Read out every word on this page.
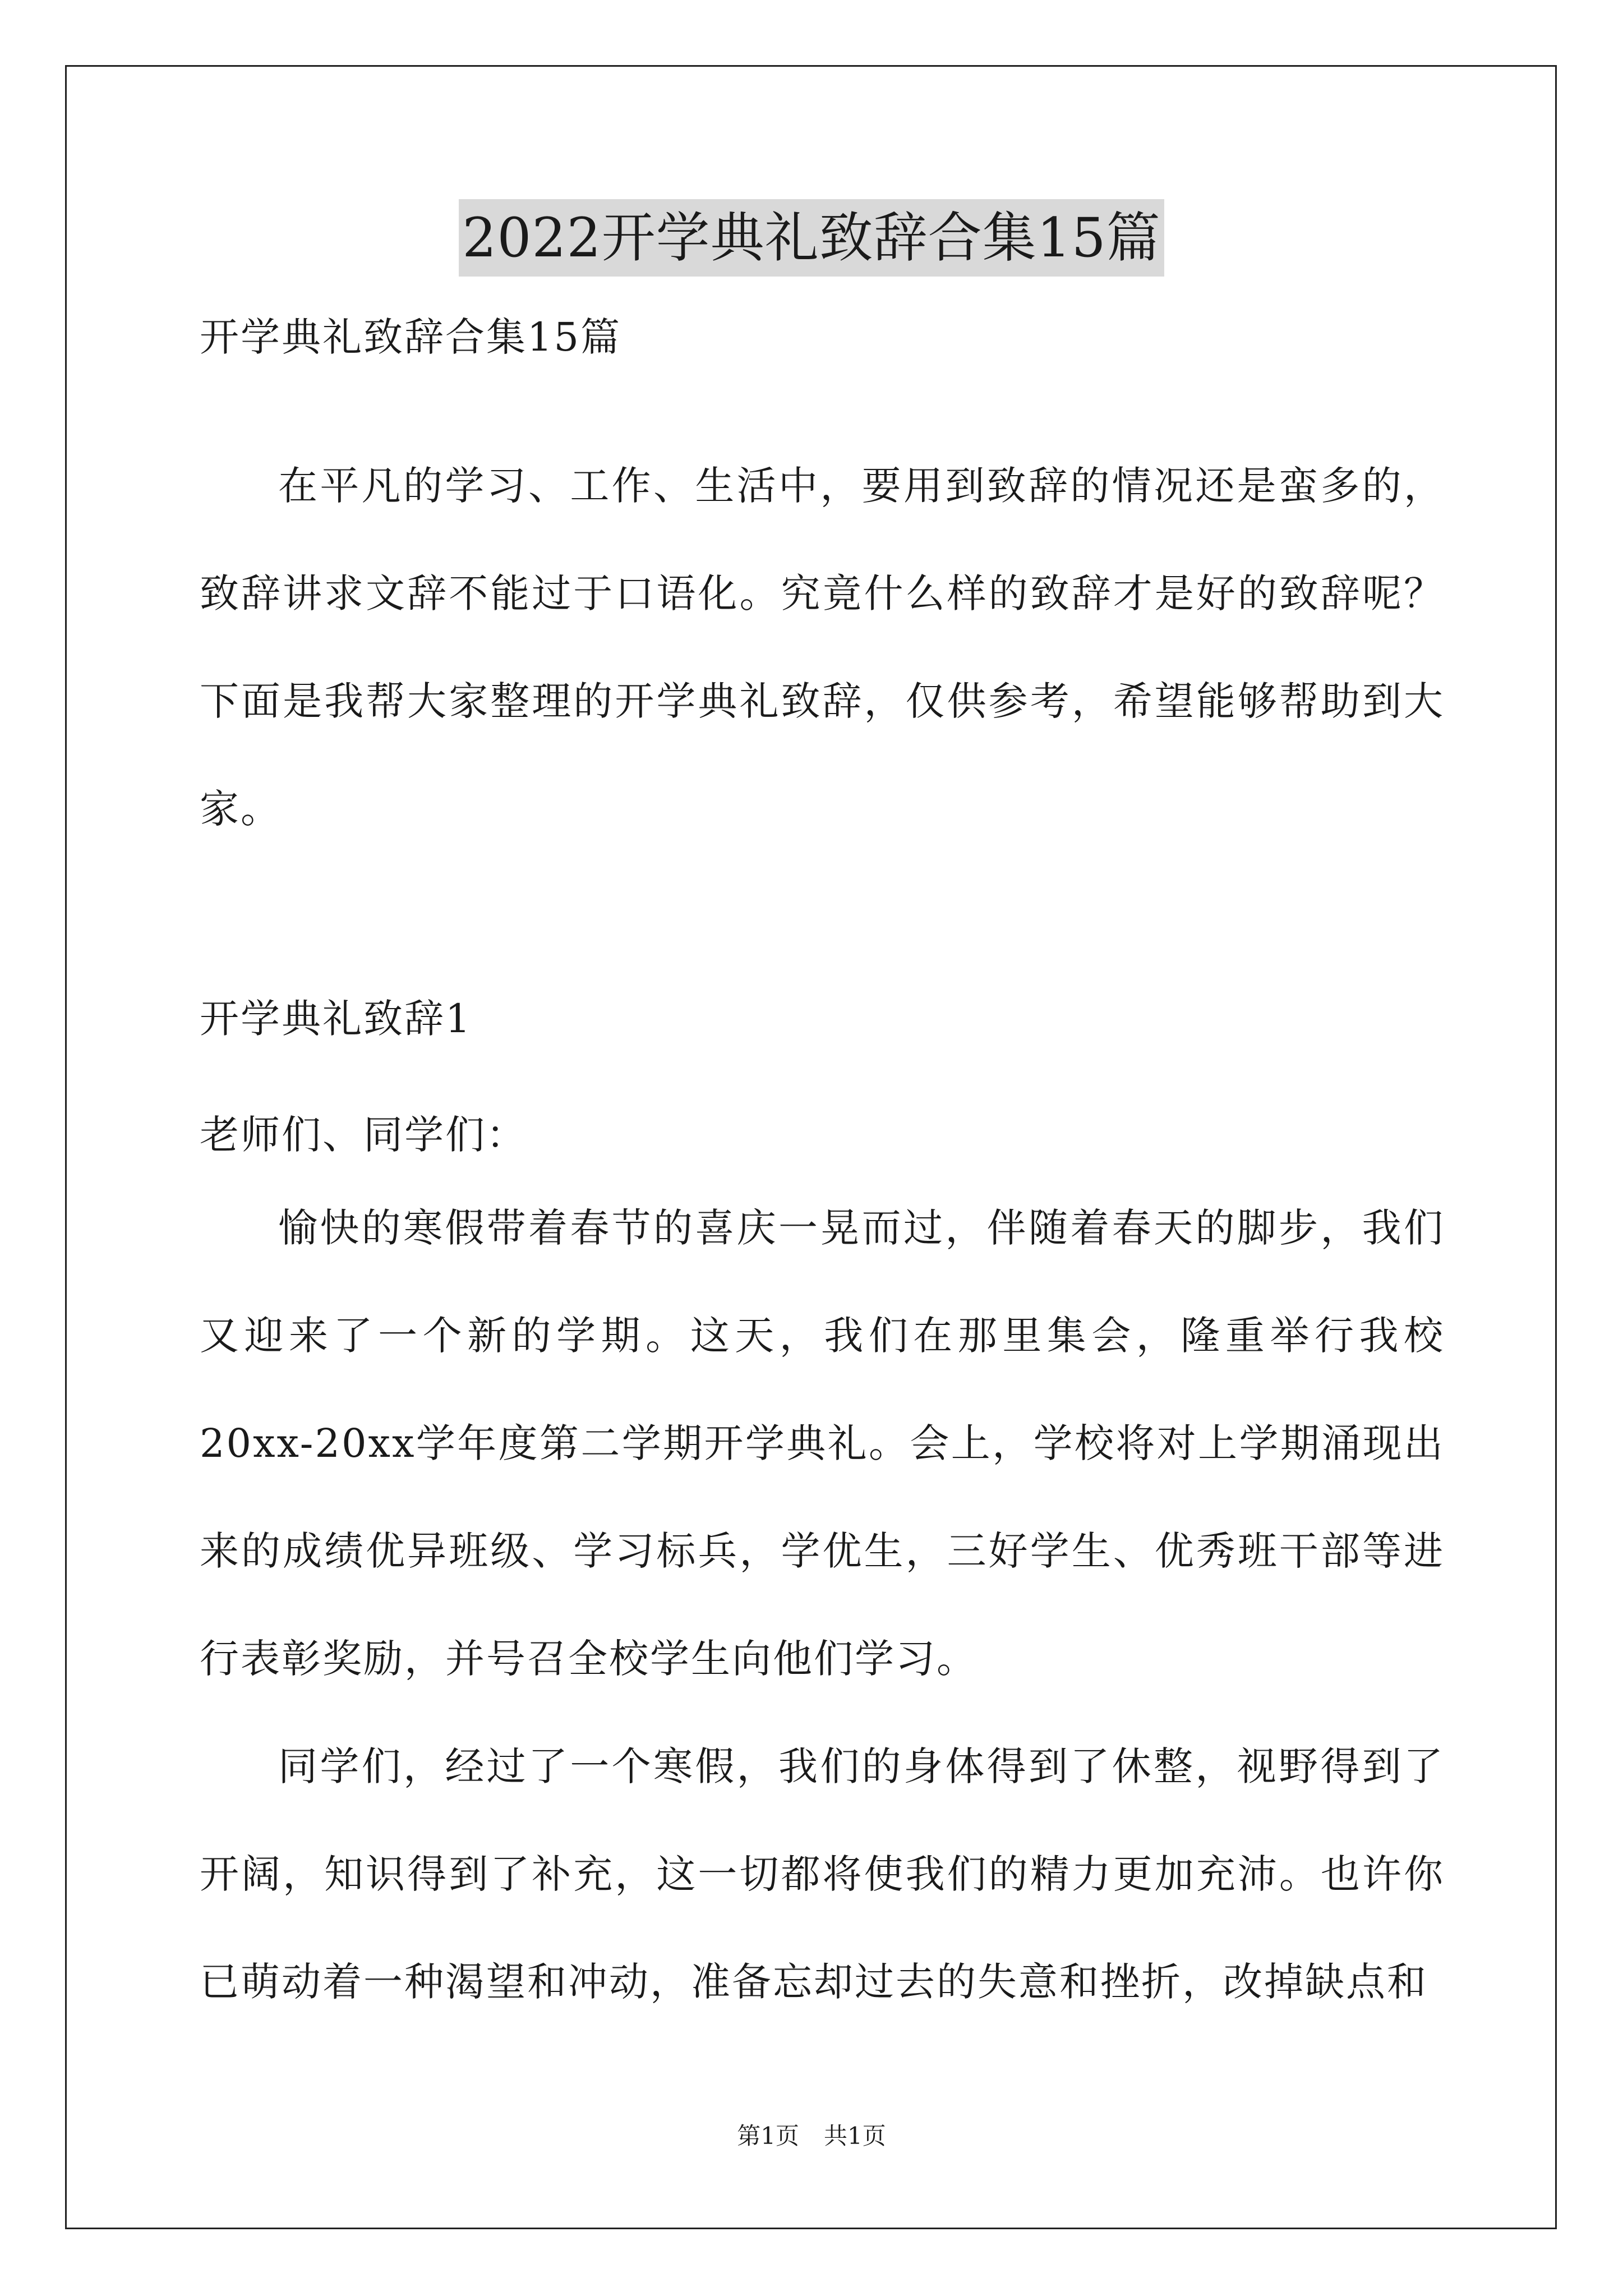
2022开学典礼致辞合集15篇
开学典礼致辞合集15篇

在平凡的学习、工作、生活中，要用到致辞的情况还是蛮多的，致辞讲求文辞不能过于口语化。究竟什么样的致辞才是好的致辞呢？下面是我帮大家整理的开学典礼致辞，仅供参考，希望能够帮助到大家。

开学典礼致辞1
老师们、同学们：

愉快的寒假带着春节的喜庆一晃而过，伴随着春天的脚步，我们又迎来了一个新的学期。这天，我们在那里集会，隆重举行我校20xx-20xx学年度第二学期开学典礼。会上，学校将对上学期涌现出来的成绩优异班级、学习标兵，学优生，三好学生、优秀班干部等进行表彰奖励，并号召全校学生向他们学习。

同学们，经过了一个寒假，我们的身体得到了休整，视野得到了开阔，知识得到了补充，这一切都将使我们的精力更加充沛。也许你已萌动着一种渴望和冲动，准备忘却过去的失意和挫折，改掉缺点和

第1页 共1页
